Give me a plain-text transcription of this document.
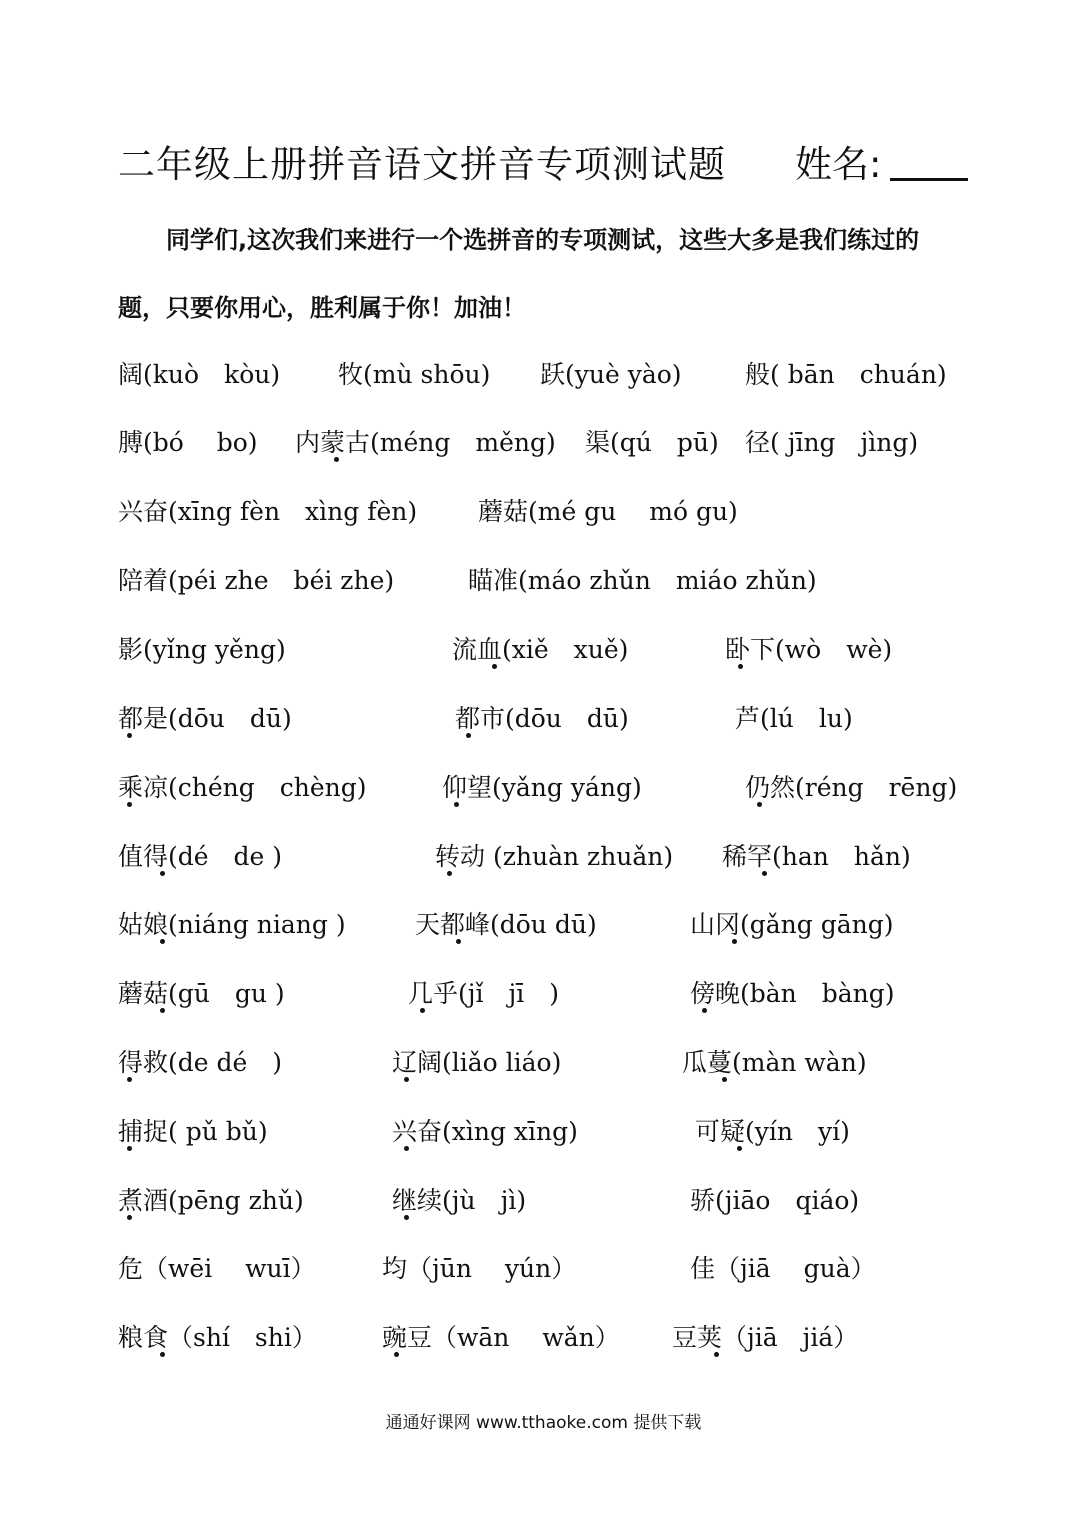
二年级上册拼音语文拼音专项测试题 姓名:
同学们,这次我们来进行一个选拼音的专项测试，这些大多是我们练过的
题，只要你用心，胜利属于你！加油！
阔(kuò　kòu) 牧(mù shōu) 跃(yuè yào)	般( bān　chuán)
膊(bó　 bo) 内蒙古(méng　měng) 渠(qú　pū) 径( jīng　jìng)
兴奋(xīng fèn　xìng fèn) 蘑菇(mé gu　 mó gu)
陪着(péi zhe　béi zhe)	瞄准(máo zhǔn　miáo zhǔn)
影(yǐng yěng)	流血(xiě　xuě)	卧下(wò　wè)
都是(dōu　dū)	都市(dōu　dū)	芦(lú　lu)
乘凉(chéng　chèng)	仰望(yǎng yáng)	仍然(réng　rēng)
值得(dé　de )	转动 (zhuàn zhuǎn) 稀罕(han　hǎn)
姑娘(niáng niang )	天都峰(dōu dū)	山冈(gǎng gāng)
蘑菇(gū　gu )	几乎(jǐ　jī　)	傍晚(bàn　bàng)
得救(de dé　)	辽阔(liǎo liáo)	瓜蔓(màn wàn)
捕捉( pǔ bǔ)	兴奋(xìng xīng)	可疑(yín　yí)
煮酒(pēng zhǔ)	继续(jù　jì)	骄(jiāo　qiáo)
危（wēi　 wuī）	均（jūn　 yún）	佳（jiā　 guà）
粮食（shí　shi）	豌豆（wān　 wǎn） 豆荚（jiā　jiá）
通通好课网 www.tthaoke.com 提供下载
